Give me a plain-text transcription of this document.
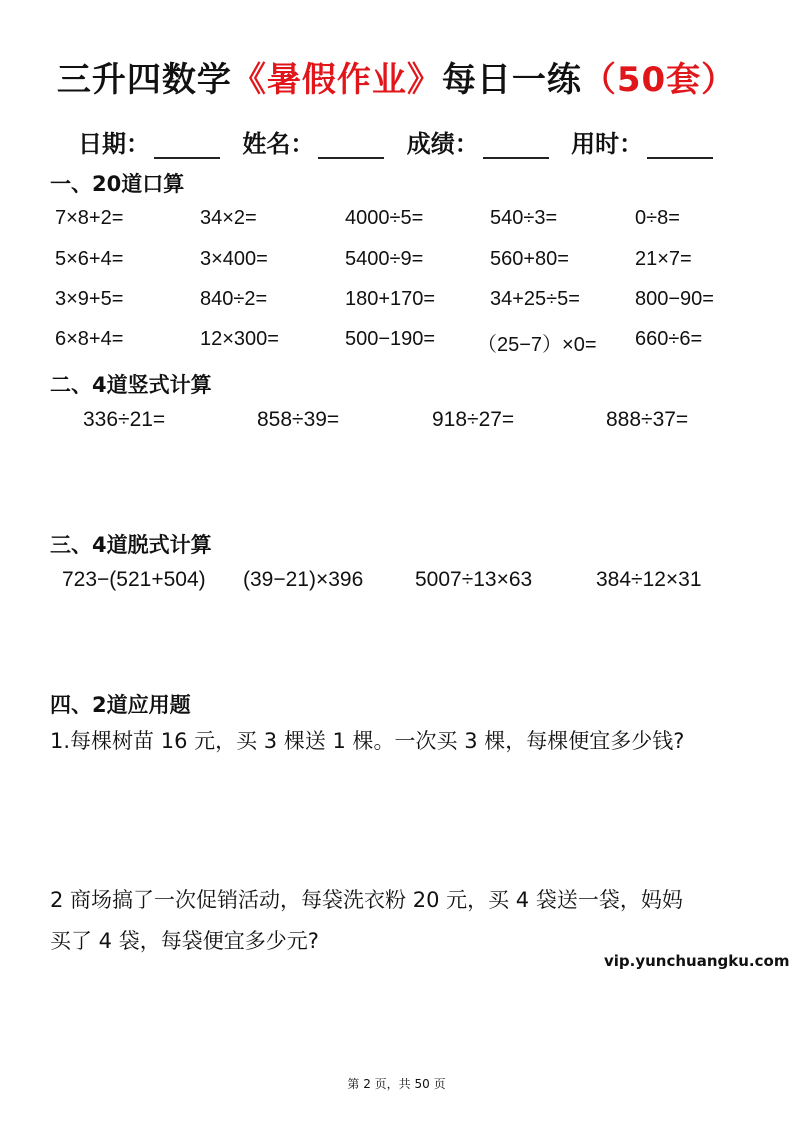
三升四数学《暑假作业》每日一练（50套）
日期：	姓名：	成绩：	用时：
一、20道口算
7×8+2=	34×2=	4000÷5=	540÷3=	0÷8=
5×6+4=	3×400=	5400÷9=	560+80=	21×7=
3×9+5=	840÷2=	180+170=	34+25÷5=	800−90=
6×8+4=	12×300=	500−190= （25−7）×0= 660÷6=
二、4道竖式计算
336÷21=	858÷39=	918÷27=	888÷37=
三、4道脱式计算
723−(521+504) (39−21)×396 5007÷13×63	384÷12×31
四、2道应用题
1.每棵树苗 16 元，买 3 棵送 1 棵。一次买 3 棵，每棵便宜多少钱?
2 商场搞了一次促销活动，每袋洗衣粉 20 元，买 4 袋送一袋，妈妈
买了 4 袋，每袋便宜多少元?
vip.yunchuangku.com
第 2 页，共 50 页
